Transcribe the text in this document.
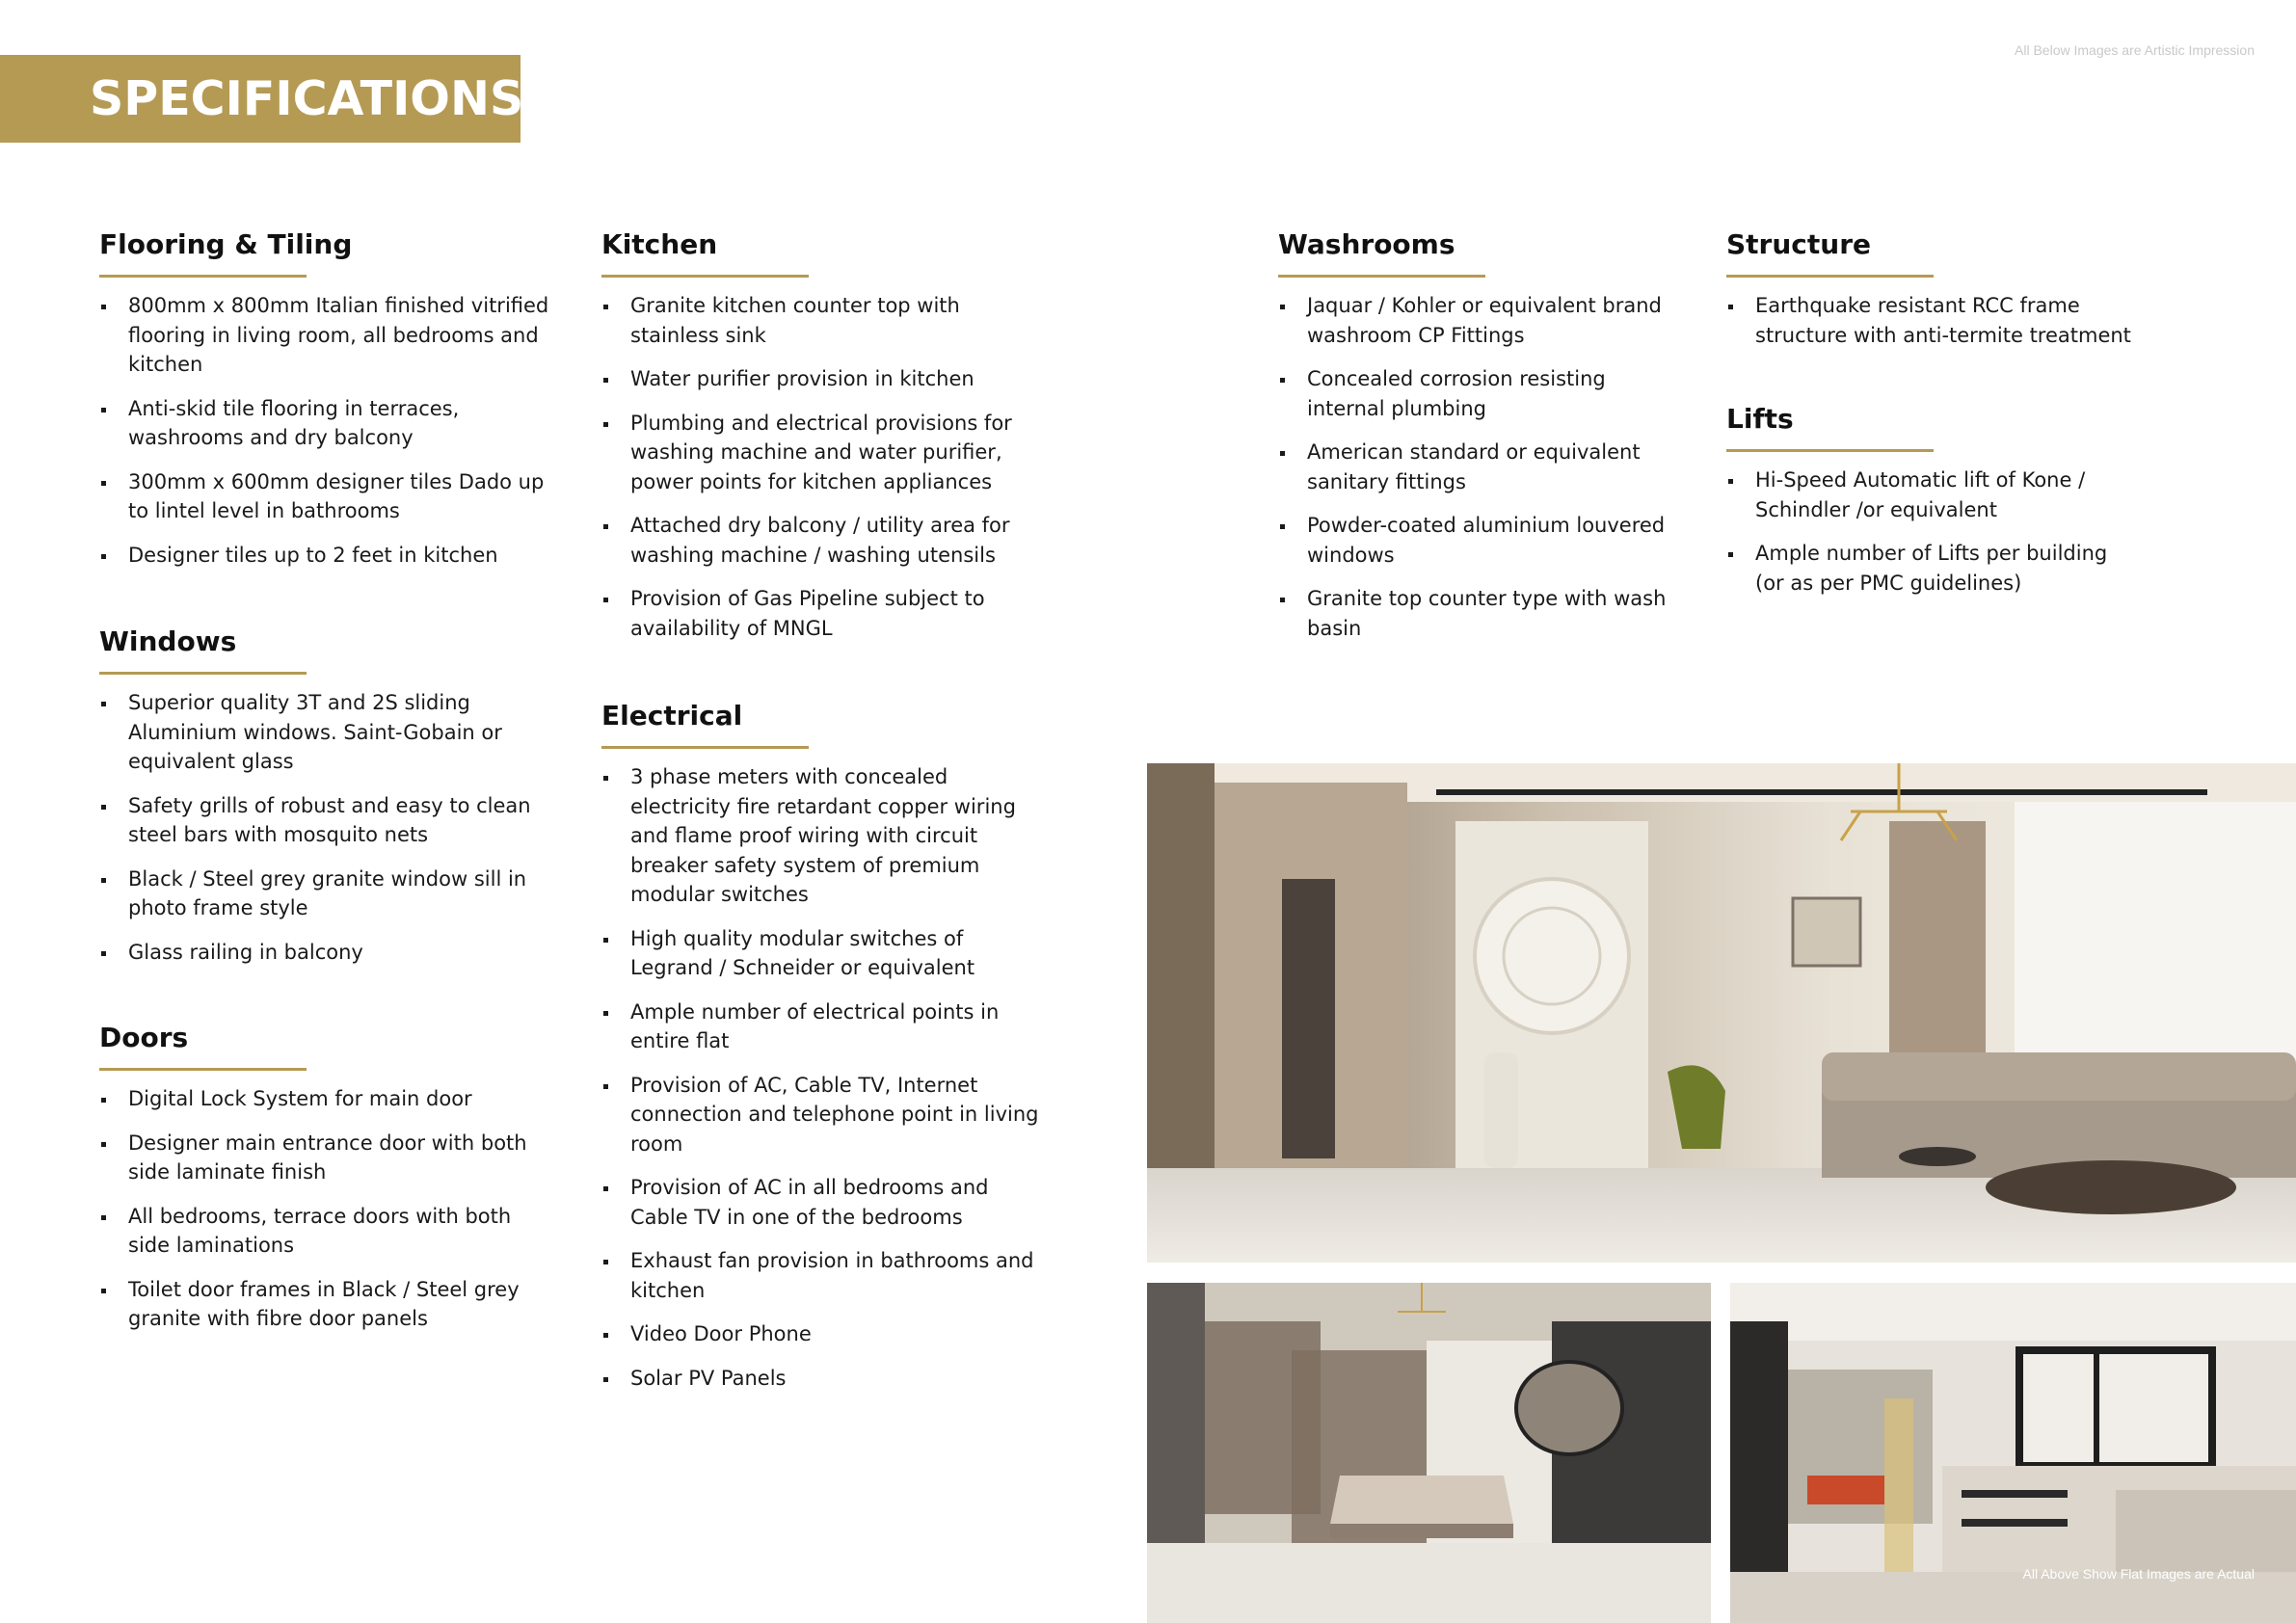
SPECIFICATIONS
All Below Images are Artistic Impression
Flooring & Tiling
800mm x 800mm Italian finished vitrified flooring in living room, all bedrooms and kitchen
Anti-skid tile flooring in terraces, washrooms and dry balcony
300mm x 600mm designer tiles Dado up to lintel level in bathrooms
Designer tiles up to 2 feet in kitchen
Windows
Superior quality 3T and 2S sliding Aluminium windows. Saint-Gobain or equivalent glass
Safety grills of robust and easy to clean steel bars with mosquito nets
Black / Steel grey granite window sill in photo frame style
Glass railing in balcony
Doors
Digital Lock System for main door
Designer main entrance door with both side laminate finish
All bedrooms, terrace doors with both side laminations
Toilet door frames in Black / Steel grey granite with fibre door panels
Kitchen
Granite kitchen counter top with stainless sink
Water purifier provision in kitchen
Plumbing and electrical provisions for washing machine and water purifier, power points for kitchen appliances
Attached dry balcony / utility area for washing machine / washing utensils
Provision of Gas Pipeline subject to availability of MNGL
Electrical
3 phase meters with concealed electricity fire retardant copper wiring and flame proof wiring with circuit breaker safety system of premium modular switches
High quality modular switches of Legrand / Schneider or equivalent
Ample number of electrical points in entire flat
Provision of AC, Cable TV, Internet connection and telephone point in living room
Provision of AC in all bedrooms and Cable TV in one of the bedrooms
Exhaust fan provision in bathrooms and kitchen
Video Door Phone
Solar PV Panels
Washrooms
Jaquar / Kohler or equivalent brand washroom CP Fittings
Concealed corrosion resisting internal plumbing
American standard or equivalent sanitary fittings
Powder-coated aluminium louvered windows
Granite top counter type with wash basin
Structure
Earthquake resistant RCC frame structure with anti-termite treatment
Lifts
Hi-Speed Automatic lift of Kone / Schindler /or equivalent
Ample number of Lifts per building (or as per PMC guidelines)
All Above Show Flat Images are Actual
